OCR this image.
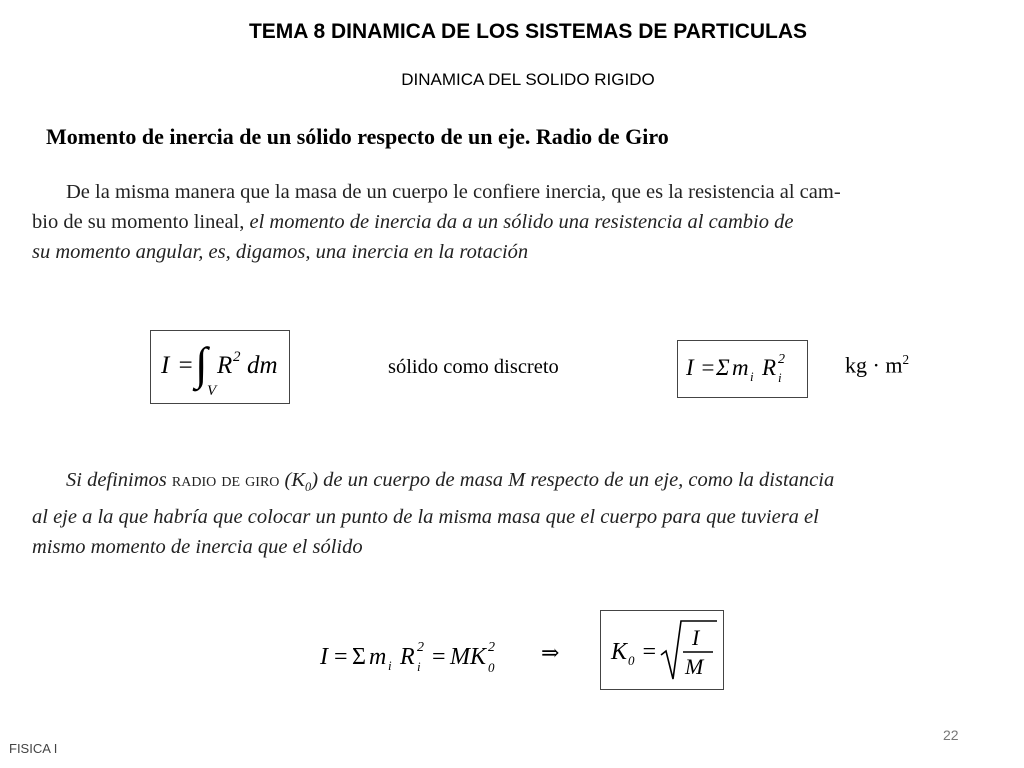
TEMA 8 DINAMICA DE LOS SISTEMAS DE PARTICULAS
DINAMICA DEL SOLIDO RIGIDO
Momento de inercia de un sólido respecto de un eje. Radio de Giro
De la misma manera que la masa de un cuerpo le confiere inercia, que es la resistencia al cam-
bio de su momento lineal, el momento de inercia da a un sólido una resistencia al cambio de
su momento angular, es, digamos, una inercia en la rotación
I = ∫
V
R 2 dm	sólido como discreto	I = Σ m i R 2
i
kg · $m^2$
Si definimos radio de giro $(K_0)$ de un cuerpo de masa M respecto de un eje, como la distancia
al eje a la que habría que colocar un punto de la misma masa que el cuerpo para que tuviera el
mismo momento de inercia que el sólido
I = Σ m i R 2
i = MK 2
0
⇒ K 0 =
I
M
22
FISICA I
